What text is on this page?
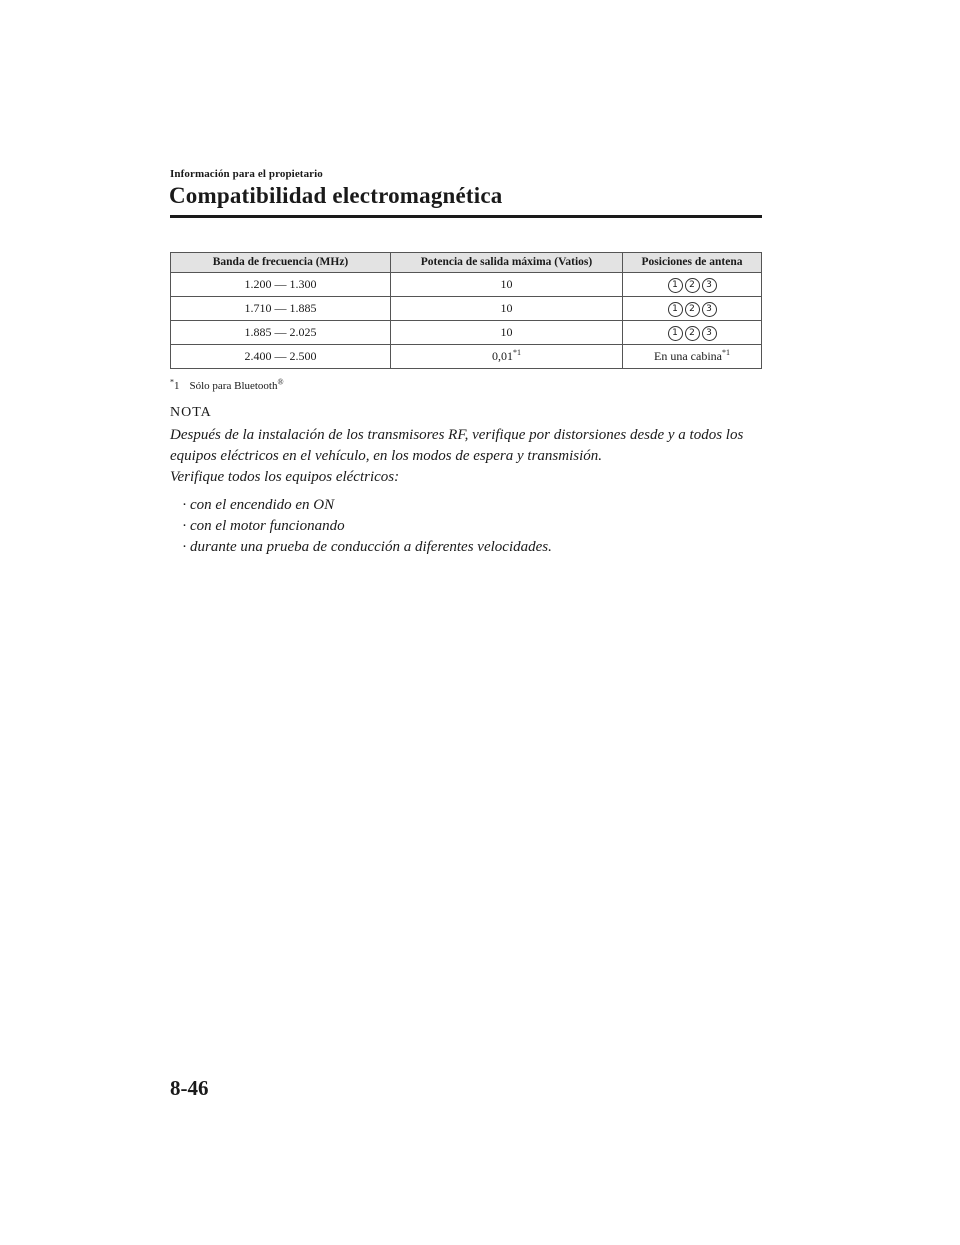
Información para el propietario
Compatibilidad electromagnética
Banda de frecuencia (MHz)	Potencia de salida máxima (Vatios)	Posiciones de antena
1.200 ― 1.300	10	1 2 3
1.710 ― 1.885	10	1 2 3
1.885 ― 2.025	10	1 2 3
2.400 ― 2.500	0,01$^{*1}$	En una cabina$^{*1}$
*1 Sólo para Bluetooth®
NOTA

Después de la instalación de los transmisores RF, verifique por distorsiones desde y a todos los equipos eléctricos en el vehículo, en los modos de espera y transmisión.

Verifique todos los equipos eléctricos:

· con el encendido en ON
· con el motor funcionando
· durante una prueba de conducción a diferentes velocidades.
8-46
